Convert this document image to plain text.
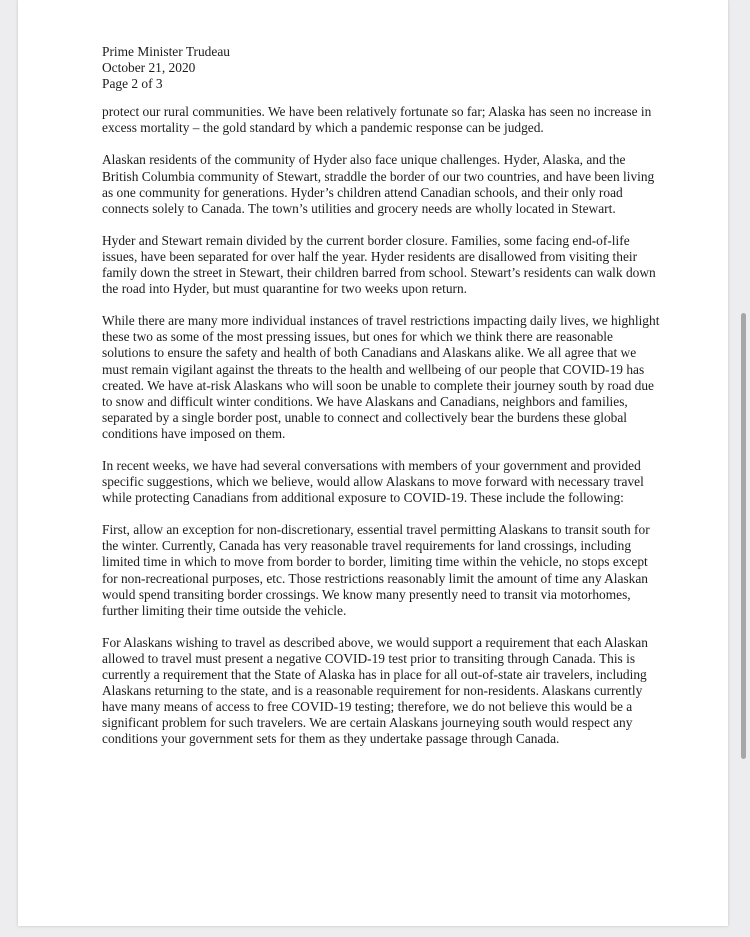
Prime Minister Trudeau
October 21, 2020
Page 2 of 3

protect our rural communities. We have been relatively fortunate so far; Alaska has seen no increase in excess mortality – the gold standard by which a pandemic response can be judged.

Alaskan residents of the community of Hyder also face unique challenges. Hyder, Alaska, and the British Columbia community of Stewart, straddle the border of our two countries, and have been living as one community for generations. Hyder’s children attend Canadian schools, and their only road connects solely to Canada. The town’s utilities and grocery needs are wholly located in Stewart.

Hyder and Stewart remain divided by the current border closure. Families, some facing end-of-life issues, have been separated for over half the year. Hyder residents are disallowed from visiting their family down the street in Stewart, their children barred from school. Stewart’s residents can walk down the road into Hyder, but must quarantine for two weeks upon return.

While there are many more individual instances of travel restrictions impacting daily lives, we highlight these two as some of the most pressing issues, but ones for which we think there are reasonable solutions to ensure the safety and health of both Canadians and Alaskans alike. We all agree that we must remain vigilant against the threats to the health and wellbeing of our people that COVID-19 has created. We have at-risk Alaskans who will soon be unable to complete their journey south by road due to snow and difficult winter conditions. We have Alaskans and Canadians, neighbors and families, separated by a single border post, unable to connect and collectively bear the burdens these global conditions have imposed on them.

In recent weeks, we have had several conversations with members of your government and provided specific suggestions, which we believe, would allow Alaskans to move forward with necessary travel while protecting Canadians from additional exposure to COVID-19. These include the following:

First, allow an exception for non-discretionary, essential travel permitting Alaskans to transit south for the winter. Currently, Canada has very reasonable travel requirements for land crossings, including limited time in which to move from border to border, limiting time within the vehicle, no stops except for non-recreational purposes, etc. Those restrictions reasonably limit the amount of time any Alaskan would spend transiting border crossings. We know many presently need to transit via motorhomes, further limiting their time outside the vehicle.

For Alaskans wishing to travel as described above, we would support a requirement that each Alaskan allowed to travel must present a negative COVID-19 test prior to transiting through Canada. This is currently a requirement that the State of Alaska has in place for all out-of-state air travelers, including Alaskans returning to the state, and is a reasonable requirement for non-residents. Alaskans currently have many means of access to free COVID-19 testing; therefore, we do not believe this would be a significant problem for such travelers. We are certain Alaskans journeying south would respect any conditions your government sets for them as they undertake passage through Canada.
